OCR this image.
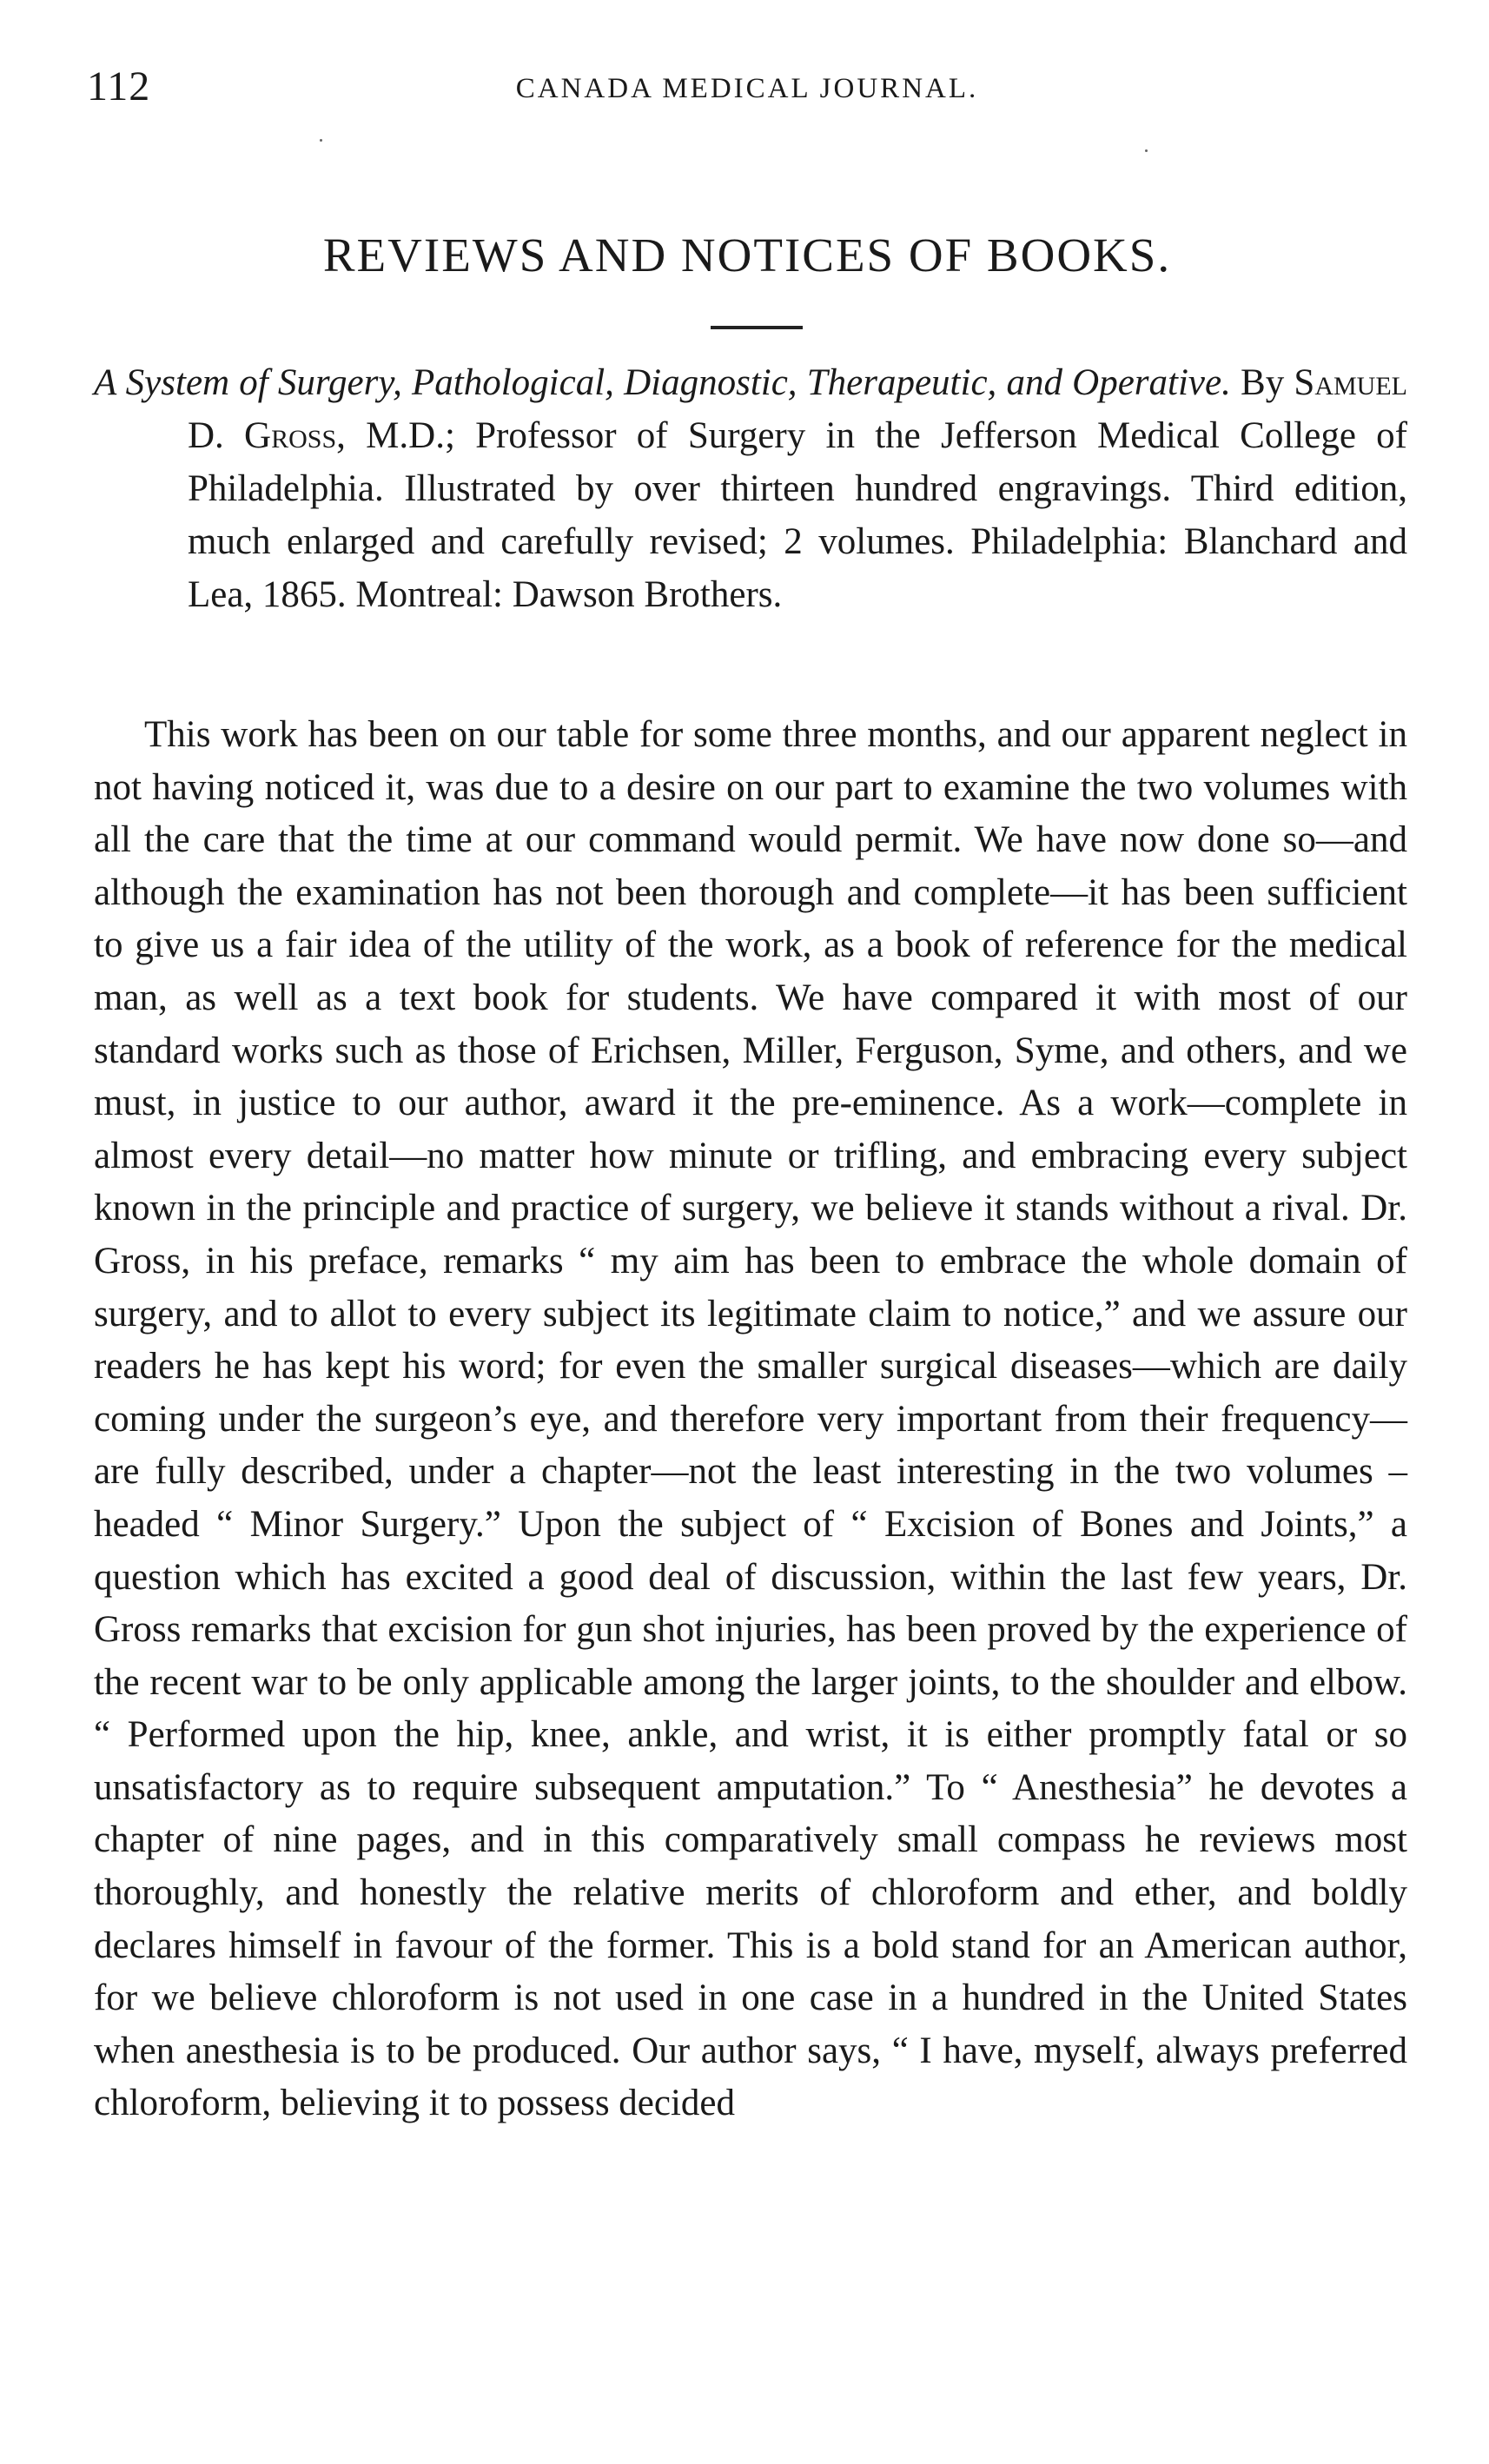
112	CANADA MEDICAL JOURNAL.
REVIEWS AND NOTICES OF BOOKS.
A System of Surgery, Pathological, Diagnostic, Therapeutic, and Operative. By Samuel D. Gross, M.D.; Professor of Surgery in the Jefferson Medical College of Philadelphia. Illustrated by over thirteen hundred engravings. Third edition, much enlarged and carefully revised; 2 volumes. Philadelphia: Blanchard and Lea, 1865. Montreal: Dawson Brothers.

This work has been on our table for some three months, and our apparent neglect in not having noticed it, was due to a desire on our part to examine the two volumes with all the care that the time at our command would permit. We have now done so—and although the examination has not been thorough and complete—it has been sufficient to give us a fair idea of the utility of the work, as a book of reference for the medical man, as well as a text book for students. We have compared it with most of our standard works such as those of Erichsen, Miller, Ferguson, Syme, and others, and we must, in justice to our author, award it the pre-eminence. As a work—complete in almost every detail—no matter how minute or trifling, and embracing every subject known in the principle and practice of surgery, we believe it stands without a rival. Dr. Gross, in his preface, remarks “ my aim has been to embrace the whole domain of surgery, and to allot to every subject its legitimate claim to notice,” and we assure our readers he has kept his word; for even the smaller surgical diseases—which are daily coming under the surgeon’s eye, and therefore very important from their frequency—are fully described, under a chapter—not the least interesting in the two volumes –headed “ Minor Surgery.” Upon the subject of “ Excision of Bones and Joints,” a question which has excited a good deal of discussion, within the last few years, Dr. Gross remarks that excision for gun shot injuries, has been proved by the experience of the recent war to be only applicable among the larger joints, to the shoulder and elbow. “ Performed upon the hip, knee, ankle, and wrist, it is either promptly fatal or so unsatisfactory as to require subsequent amputation.” To “ Anesthesia” he devotes a chapter of nine pages, and in this comparatively small compass he reviews most thoroughly, and honestly the relative merits of chloroform and ether, and boldly declares himself in favour of the former. This is a bold stand for an American author, for we believe chloroform is not used in one case in a hundred in the United States when anesthesia is to be produced. Our author says, “ I have, myself, always preferred chloroform, believing it to possess decided
